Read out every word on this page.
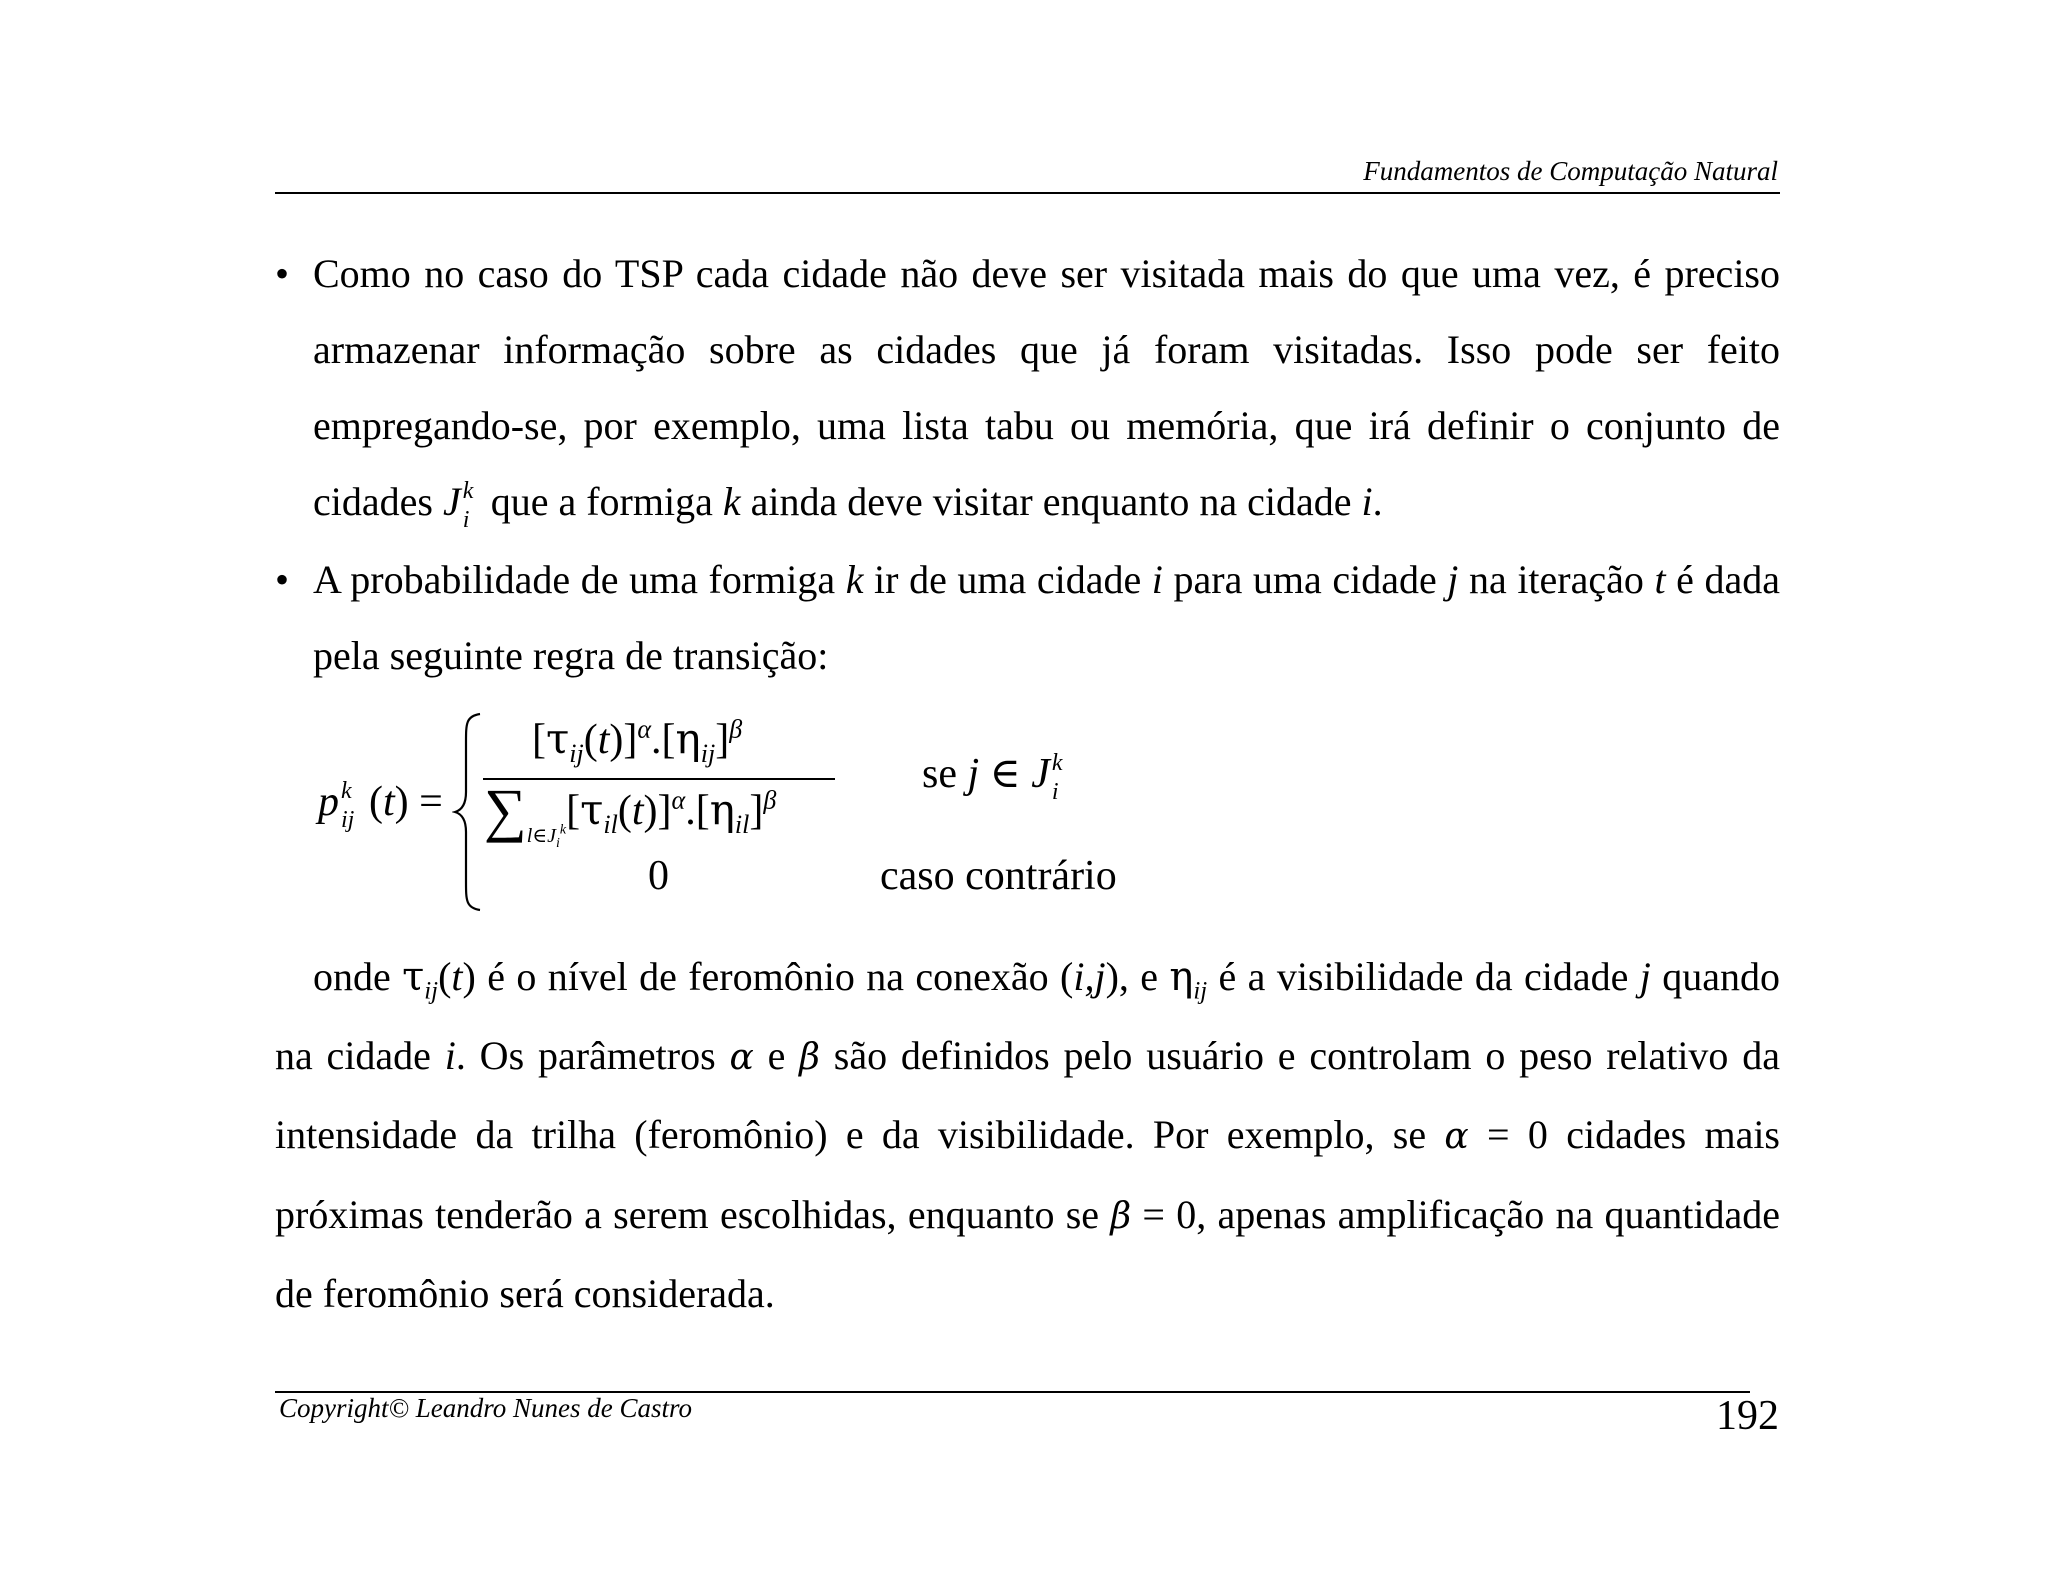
Fundamentos de Computação Natural
• Como no caso do TSP cada cidade não deve ser visitada mais do que uma vez, é preciso armazenar informação sobre as cidades que já foram visitadas. Isso pode ser feito empregando-se, por exemplo, uma lista tabu ou memória, que irá definir o conjunto de cidades J k
i que a formiga k ainda deve visitar enquanto na cidade i.
• A probabilidade de uma formiga k ir de uma cidade i para uma cidade j na iteração t é dada pela seguinte regra de transição:
p k
ij (t) =
$[\tau_{ij}(t)]^\alpha.[\eta_{ij}]^\beta$
$\sum_{l\in J_i^k}[\tau_{il}(t)]^\alpha.[\eta_{il}]^\beta$
se j ∈ J k
i
0	caso contrário
onde $\tau_{ij}(t)$ é o nível de feromônio na conexão (i,j), e $\eta_{ij}$ é a visibilidade da cidade j quando na cidade i. Os parâmetros α e β são definidos pelo usuário e controlam o peso relativo da intensidade da trilha (feromônio) e da visibilidade. Por exemplo, se α = 0 cidades mais próximas tenderão a serem escolhidas, enquanto se β = 0, apenas amplificação na quantidade de feromônio será considerada.
Copyright© Leandro Nunes de Castro	192
